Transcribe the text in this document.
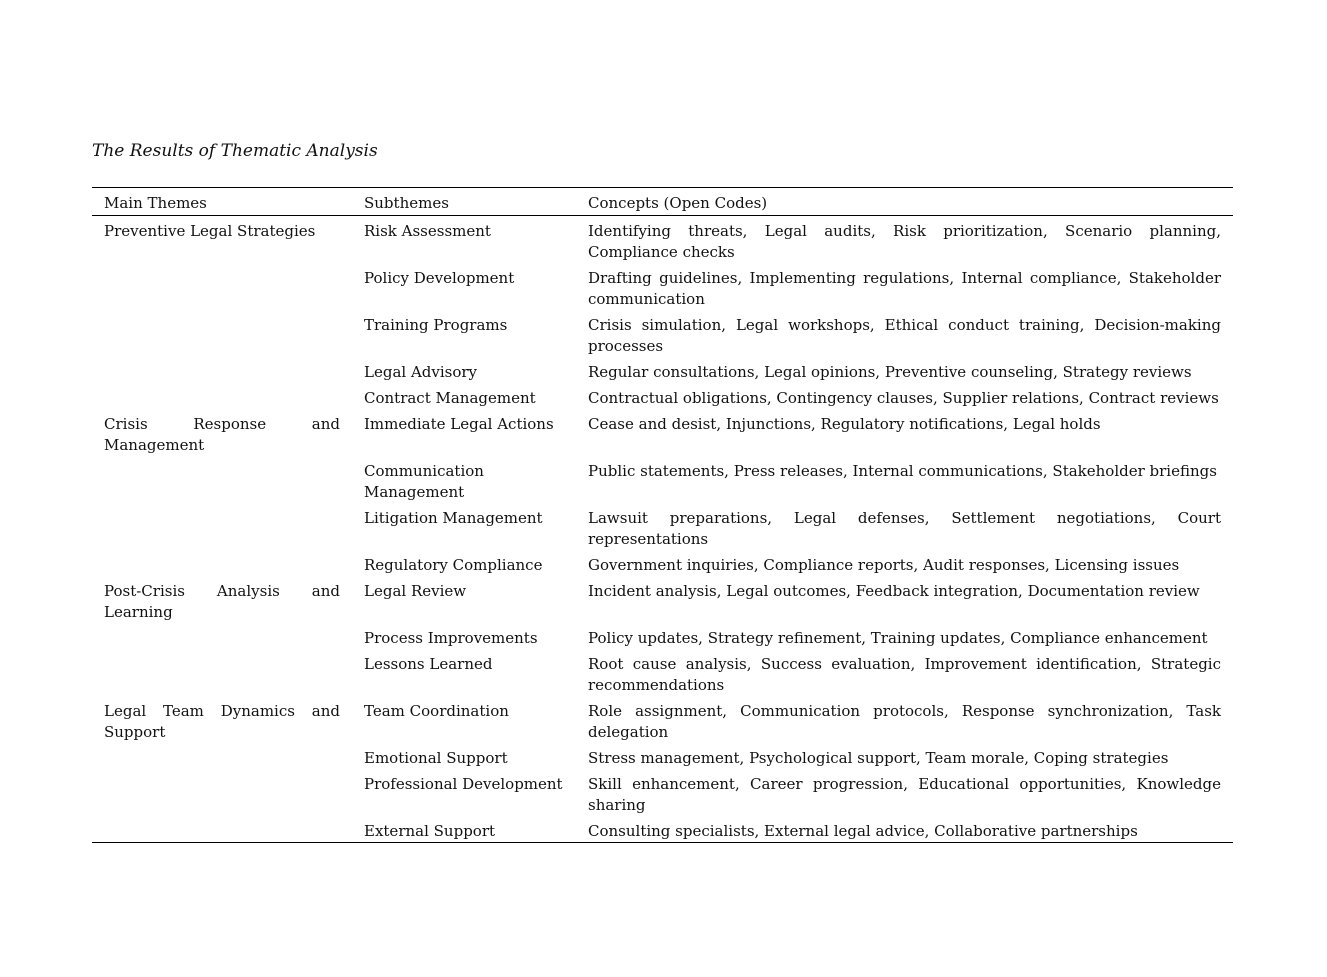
The Results of Thematic Analysis
Main Themes	Subthemes	Concepts (Open Codes)
Preventive Legal Strategies	Risk Assessment	Identifying threats, Legal audits, Risk prioritization, Scenario planning, Compliance checks
	Policy Development	Drafting guidelines, Implementing regulations, Internal compliance, Stakeholder communication
	Training Programs	Crisis simulation, Legal workshops, Ethical conduct training, Decision-making processes
	Legal Advisory	Regular consultations, Legal opinions, Preventive counseling, Strategy reviews
	Contract Management	Contractual obligations, Contingency clauses, Supplier relations, Contract reviews
Crisis Response and Management	Immediate Legal Actions	Cease and desist, Injunctions, Regulatory notifications, Legal holds
	Communication Management	Public statements, Press releases, Internal communications, Stakeholder briefings
	Litigation Management	Lawsuit preparations, Legal defenses, Settlement negotiations, Court representations
	Regulatory Compliance	Government inquiries, Compliance reports, Audit responses, Licensing issues
Post-Crisis Analysis and Learning	Legal Review	Incident analysis, Legal outcomes, Feedback integration, Documentation review
	Process Improvements	Policy updates, Strategy refinement, Training updates, Compliance enhancement
	Lessons Learned	Root cause analysis, Success evaluation, Improvement identification, Strategic recommendations
Legal Team Dynamics and Support	Team Coordination	Role assignment, Communication protocols, Response synchronization, Task delegation
	Emotional Support	Stress management, Psychological support, Team morale, Coping strategies
	Professional Development	Skill enhancement, Career progression, Educational opportunities, Knowledge sharing
	External Support	Consulting specialists, External legal advice, Collaborative partnerships
